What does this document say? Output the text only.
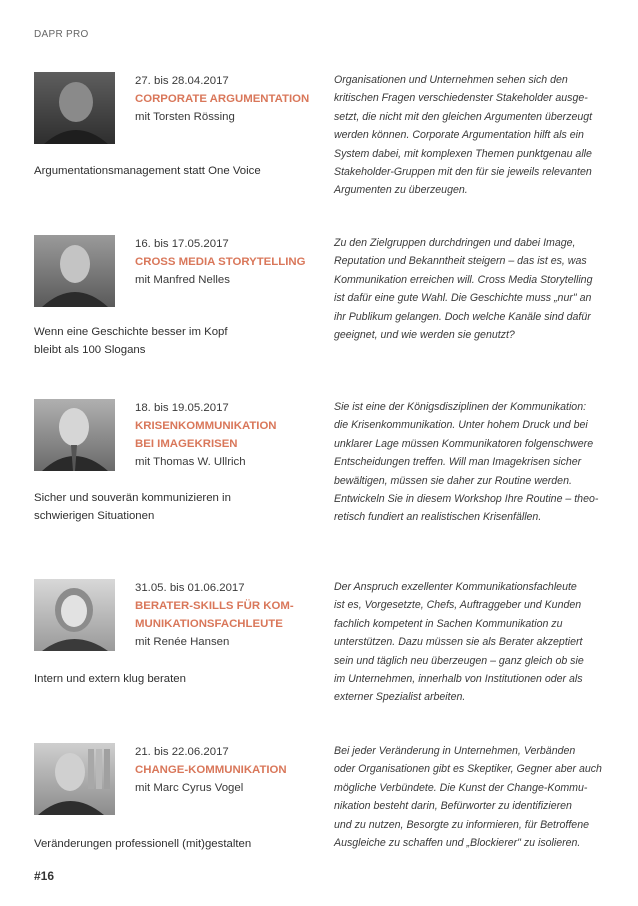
DAPR PRO
27. bis 28.04.2017
CORPORATE ARGUMENTATION
mit Torsten Rössing
Argumentationsmanagement statt One Voice
Organisationen und Unternehmen sehen sich den
kritischen Fragen verschiedenster Stakeholder ausge-
setzt, die nicht mit den gleichen Argumenten überzeugt
werden können. Corporate Argumentation hilft als ein
System dabei, mit komplexen Themen punktgenau alle
Stakeholder-Gruppen mit den für sie jeweils relevanten
Argumenten zu überzeugen.
16. bis 17.05.2017
CROSS MEDIA STORYTELLING
mit Manfred Nelles
Wenn eine Geschichte besser im Kopf
bleibt als 100 Slogans
Zu den Zielgruppen durchdringen und dabei Image,
Reputation und Bekanntheit steigern – das ist es, was
Kommunikation erreichen will. Cross Media Storytelling
ist dafür eine gute Wahl. Die Geschichte muss „nur" an
ihr Publikum gelangen. Doch welche Kanäle sind dafür
geeignet, und wie werden sie genutzt?
18. bis 19.05.2017
KRISENKOMMUNIKATION
BEI IMAGEKRISEN
mit Thomas W. Ullrich
Sicher und souverän kommunizieren in
schwierigen Situationen
Sie ist eine der Königsdisziplinen der Kommunikation:
die Krisenkommunikation. Unter hohem Druck und bei
unklarer Lage müssen Kommunikatoren folgenschwere
Entscheidungen treffen. Will man Imagekrisen sicher
bewältigen, müssen sie daher zur Routine werden.
Entwickeln Sie in diesem Workshop Ihre Routine – theo-
retisch fundiert an realistischen Krisenfällen.
31.05. bis 01.06.2017
BERATER-SKILLS FÜR KOM-
MUNIKATIONSFACHLEUTE
mit Renée Hansen
Intern und extern klug beraten
Der Anspruch exzellenter Kommunikationsfachleute
ist es, Vorgesetzte, Chefs, Auftraggeber und Kunden
fachlich kompetent in Sachen Kommunikation zu
unterstützen. Dazu müssen sie als Berater akzeptiert
sein und täglich neu überzeugen – ganz gleich ob sie
im Unternehmen, innerhalb von Institutionen oder als
externer Spezialist arbeiten.
21. bis 22.06.2017
CHANGE-KOMMUNIKATION
mit Marc Cyrus Vogel
Veränderungen professionell (mit)gestalten
Bei jeder Veränderung in Unternehmen, Verbänden
oder Organisationen gibt es Skeptiker, Gegner aber auch
mögliche Verbündete. Die Kunst der Change-Kommu-
nikation besteht darin, Befürworter zu identifizieren
und zu nutzen, Besorgte zu informieren, für Betroffene
Ausgleiche zu schaffen und „Blockierer" zu isolieren.
#16
